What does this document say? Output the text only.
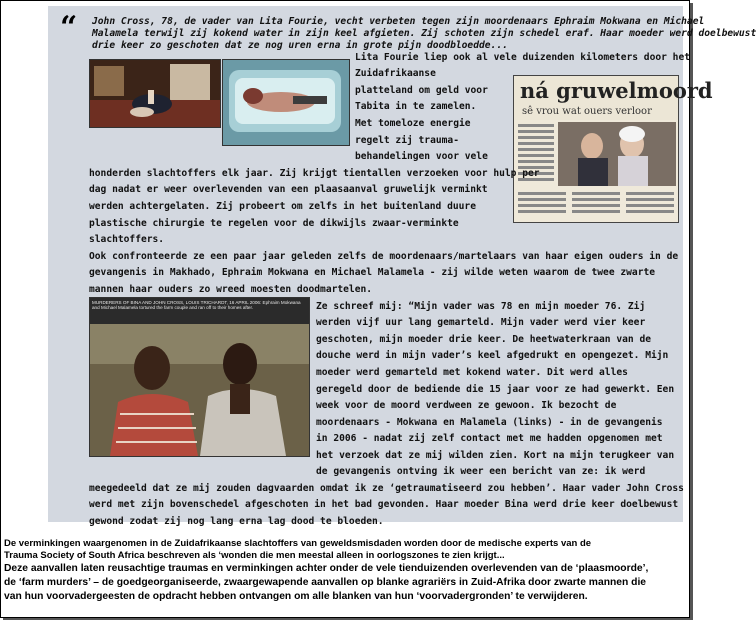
“ John Cross, 78, de vader van Lita Fourie, vecht verbeten tegen zijn moordenaars Ephraim Mokwana en Michael
Malamela terwijl zij kokend water in zijn keel afgieten. Zij schoten zijn schedel eraf. Haar moeder werd doelbewust
drie keer zo geschoten dat ze nog uren erna in grote pijn doodbloedde...
ná gruwelmoord
sê vrou wat ouers verloor
Lita Fourie liep ook al vele duizenden kilometers door het
Zuidafrikaanse
platteland om geld voor
Tabita in te zamelen.
Met tomeloze energie
regelt zij trauma-
behandelingen voor vele
honderden slachtoffers elk jaar. Zij krijgt tientallen verzoeken voor hulp per
dag nadat er weer overlevenden van een plaasaanval gruwelijk verminkt
werden achtergelaten. Zij probeert om zelfs in het buitenland duure
plastische chirurgie te regelen voor de dikwijls zwaar-verminkte
slachtoffers.
Ook confronteerde ze een paar jaar geleden zelfs de moordenaars/martelaars van haar eigen ouders in de
gevangenis in Makhado, Ephraim Mokwana en Michael Malamela - zij wilde weten waarom de twee zwarte
mannen haar ouders zo wreed moesten doodmartelen.
MURDERERS OF BINA AND JOHN CROSS, LOUIS TRICHARDT, 16 APRIL 2006: Ephraim Mokwana and Michael Malamela tortured the farm couple and ran off to their homes after.	Ze schreef mij: “Mijn vader was 78 en mijn moeder 76. Zij
werden vijf uur lang gemarteld. Mijn vader werd vier keer
geschoten, mijn moeder drie keer. De heetwaterkraan van de
douche werd in mijn vader’s keel afgedrukt en opengezet. Mijn
moeder werd gemarteld met kokend water. Dit werd alles
geregeld door de bediende die 15 jaar voor ze had gewerkt. Een
week voor de moord verdween ze gewoon. Ik bezocht de
moordenaars - Mokwana en Malamela (links) - in de gevangenis
in 2006 - nadat zij zelf contact met me hadden opgenomen met
het verzoek dat ze mij wilden zien. Kort na mijn terugkeer van
de gevangenis ontving ik weer een bericht van ze: ik werd
meegedeeld dat ze mij zouden dagvaarden omdat ik ze ‘getraumatiseerd zou hebben’. Haar vader John Cross
werd met zijn bovenschedel afgeschoten in het bad gevonden. Haar moeder Bina werd drie keer doelbewust
gewond zodat zij nog lang erna lag dood te bloeden.
De verminkingen waargenomen in de Zuidafrikaanse slachtoffers van geweldsmisdaden worden door de medische experts van de
Trauma Society of South Africa beschreven als ‘wonden die men meestal alleen in oorlogszones te zien krijgt...
Deze aanvallen laten reusachtige traumas en verminkingen achter onder de vele tienduizenden overlevenden van de ‘plaasmoorde’,
de ‘farm murders’ – de goedgeorganiseerde, zwaargewapende aanvallen op blanke agrariërs in Zuid-Afrika door zwarte mannen die
van hun voorvadergeesten de opdracht hebben ontvangen om alle blanken van hun ‘voorvadergronden’ te verwijderen.
